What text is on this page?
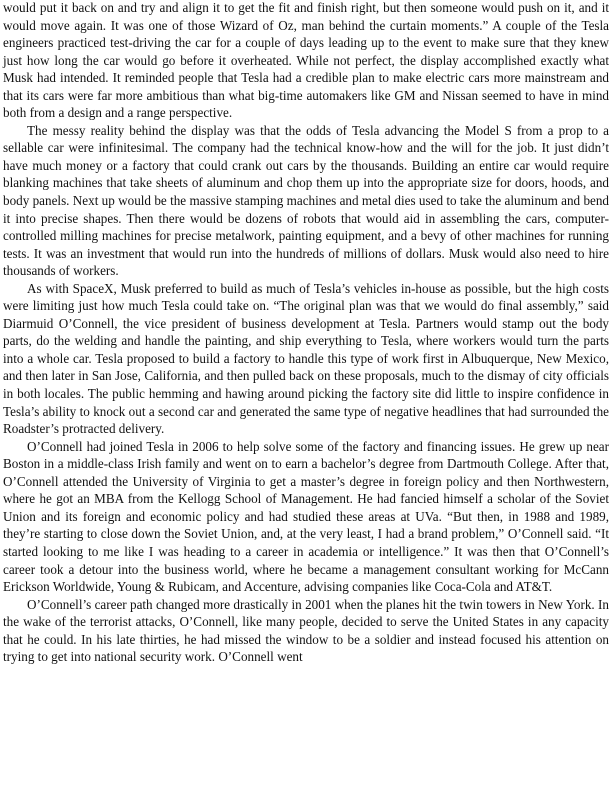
would put it back on and try and align it to get the fit and finish right, but then someone would push on it, and it would move again. It was one of those Wizard of Oz, man behind the curtain moments.” A couple of the Tesla engineers practiced test-driving the car for a couple of days leading up to the event to make sure that they knew just how long the car would go before it overheated. While not perfect, the display accomplished exactly what Musk had intended. It reminded people that Tesla had a credible plan to make electric cars more mainstream and that its cars were far more ambitious than what big-time automakers like GM and Nissan seemed to have in mind both from a design and a range perspective.

The messy reality behind the display was that the odds of Tesla advancing the Model S from a prop to a sellable car were infinitesimal. The company had the technical know-how and the will for the job. It just didn’t have much money or a factory that could crank out cars by the thousands. Building an entire car would require blanking machines that take sheets of aluminum and chop them up into the appropriate size for doors, hoods, and body panels. Next up would be the massive stamping machines and metal dies used to take the aluminum and bend it into precise shapes. Then there would be dozens of robots that would aid in assembling the cars, computer-controlled milling machines for precise metalwork, painting equipment, and a bevy of other machines for running tests. It was an investment that would run into the hundreds of millions of dollars. Musk would also need to hire thousands of workers.

As with SpaceX, Musk preferred to build as much of Tesla’s vehicles in-house as possible, but the high costs were limiting just how much Tesla could take on. “The original plan was that we would do final assembly,” said Diarmuid O’Connell, the vice president of business development at Tesla. Partners would stamp out the body parts, do the welding and handle the painting, and ship everything to Tesla, where workers would turn the parts into a whole car. Tesla proposed to build a factory to handle this type of work first in Albuquerque, New Mexico, and then later in San Jose, California, and then pulled back on these proposals, much to the dismay of city officials in both locales. The public hemming and hawing around picking the factory site did little to inspire confidence in Tesla’s ability to knock out a second car and generated the same type of negative headlines that had surrounded the Roadster’s protracted delivery.

O’Connell had joined Tesla in 2006 to help solve some of the factory and financing issues. He grew up near Boston in a middle-class Irish family and went on to earn a bachelor’s degree from Dartmouth College. After that, O’Connell attended the University of Virginia to get a master’s degree in foreign policy and then Northwestern, where he got an MBA from the Kellogg School of Management. He had fancied himself a scholar of the Soviet Union and its foreign and economic policy and had studied these areas at UVa. “But then, in 1988 and 1989, they’re starting to close down the Soviet Union, and, at the very least, I had a brand problem,” O’Connell said. “It started looking to me like I was heading to a career in academia or intelligence.” It was then that O’Connell’s career took a detour into the business world, where he became a management consultant working for McCann Erickson Worldwide, Young & Rubicam, and Accenture, advising companies like Coca-Cola and AT&T.

O’Connell’s career path changed more drastically in 2001 when the planes hit the twin towers in New York. In the wake of the terrorist attacks, O’Connell, like many people, decided to serve the United States in any capacity that he could. In his late thirties, he had missed the window to be a soldier and instead focused his attention on trying to get into national security work. O’Connell went
